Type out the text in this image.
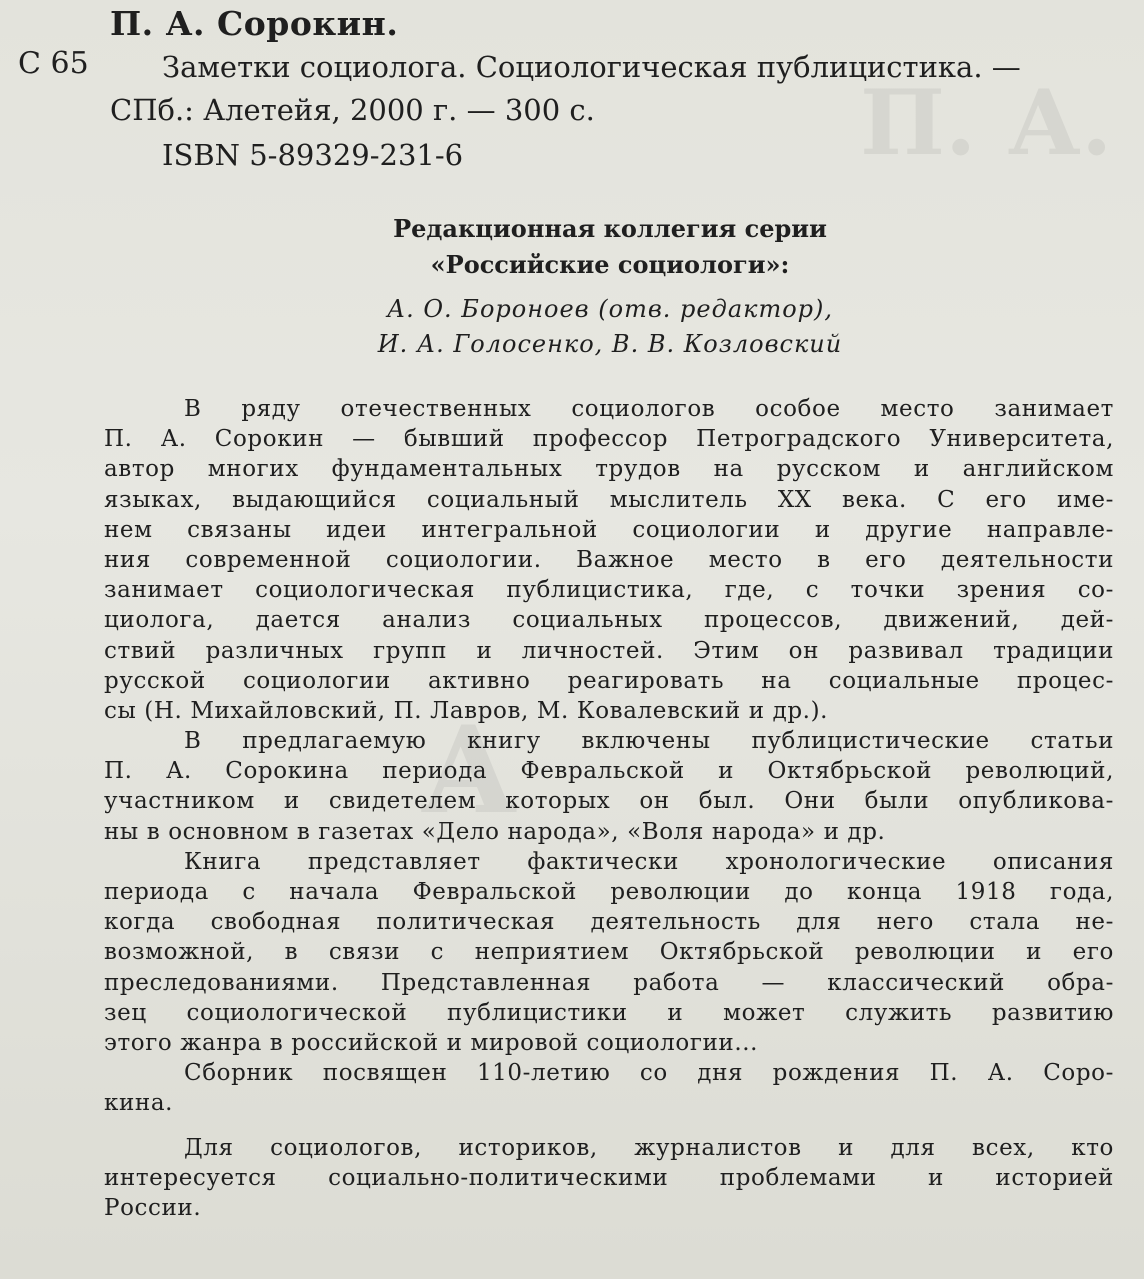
П. А.
А
П. А. Сорокин.
С 65	Заметки социолога. Социологическая публицистика. —
СПб.: Алетейя, 2000 г. — 300 с.
ISBN 5-89329-231-6
Редакционная коллегия серии
«Российские социологи»:
А. О. Бороноев (отв. редактор),
И. А. Голосенко, В. В. Козловский
В ряду отечественных социологов особое место занимает
П. А. Сорокин — бывший профессор Петроградского Университета,
автор многих фундаментальных трудов на русском и английском
языках, выдающийся социальный мыслитель XX века. С его име-
нем связаны идеи интегральной социологии и другие направле-
ния современной социологии. Важное место в его деятельности
занимает социологическая публицистика, где, с точки зрения со-
циолога, дается анализ социальных процессов, движений, дей-
ствий различных групп и личностей. Этим он развивал традиции
русской социологии активно реагировать на социальные процес-
сы (Н. Михайловский, П. Лавров, М. Ковалевский и др.).
В предлагаемую книгу включены публицистические статьи
П. А. Сорокина периода Февральской и Октябрьской революций,
участником и свидетелем которых он был. Они были опубликова-
ны в основном в газетах «Дело народа», «Воля народа» и др.
Книга представляет фактически хронологические описания
периода с начала Февральской революции до конца 1918 года,
когда свободная политическая деятельность для него стала не-
возможной, в связи с неприятием Октябрьской революции и его
преследованиями. Представленная работа — классический обра-
зец социологической публицистики и может служить развитию
этого жанра в российской и мировой социологии...
Сборник посвящен 110-летию со дня рождения П. А. Соро-
кина.
Для социологов, историков, журналистов и для всех, кто
интересуется социально-политическими проблемами и историей
России.
